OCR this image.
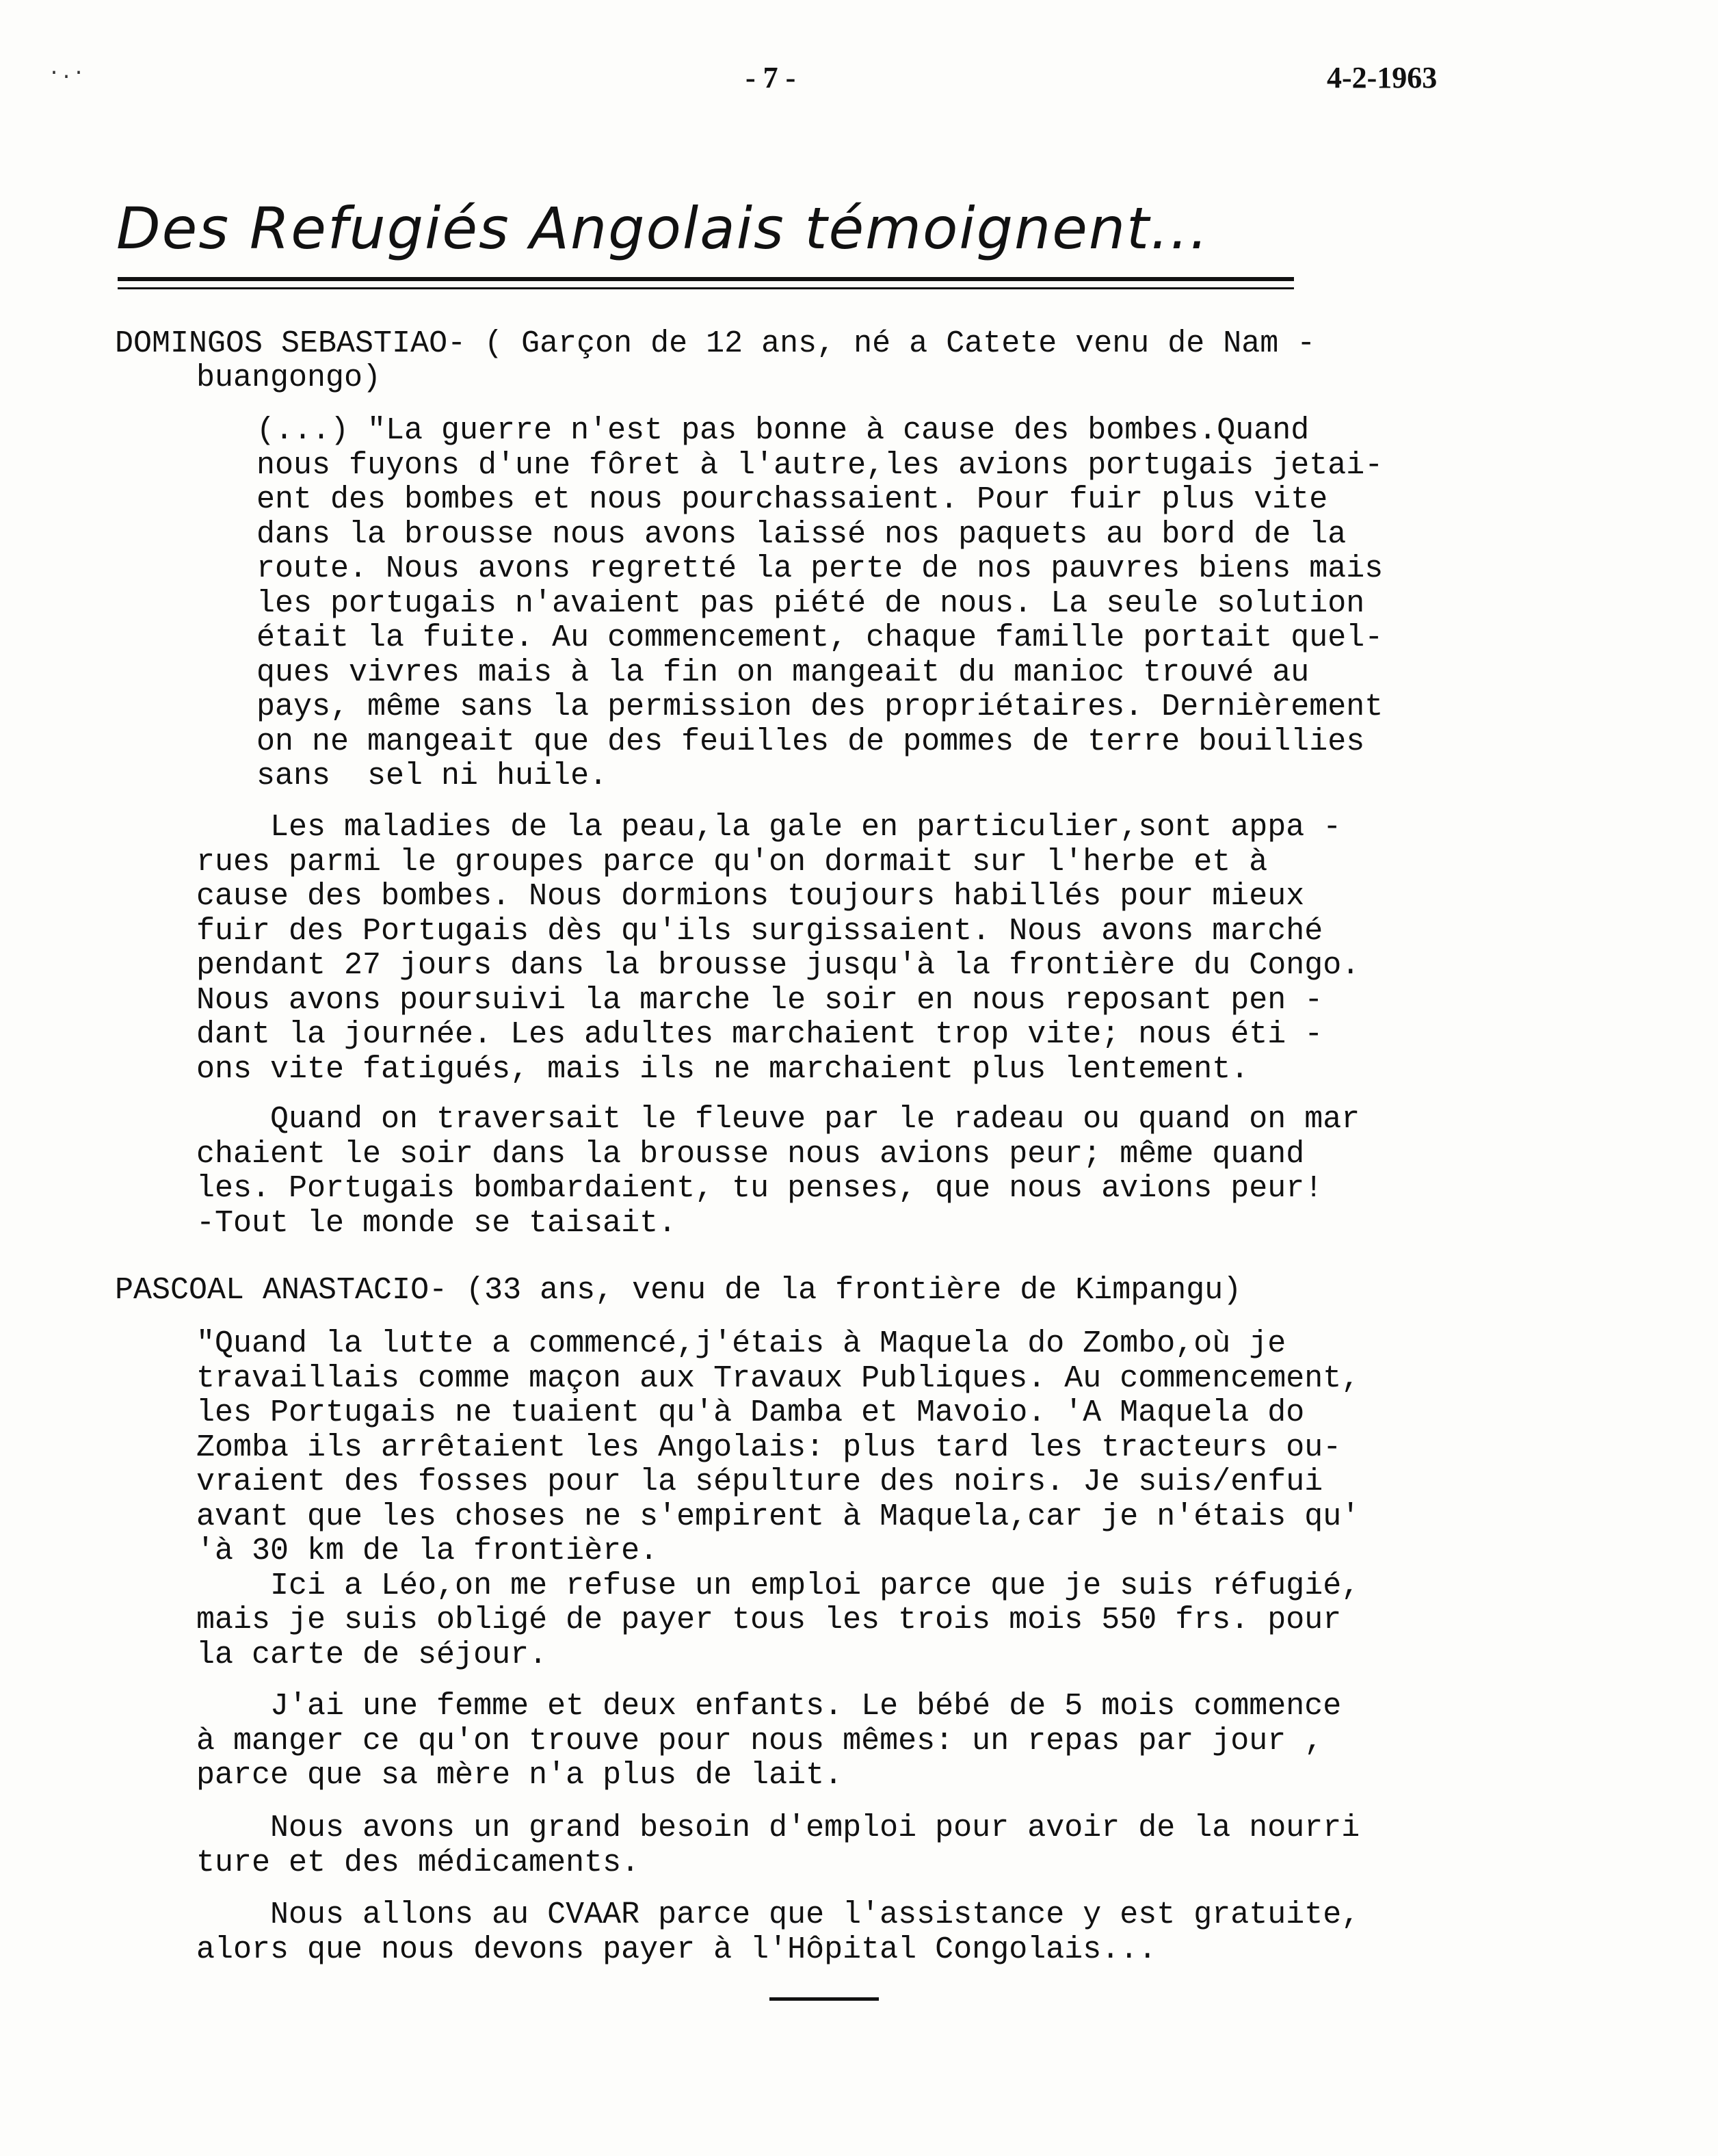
·.·	- 7 -	4-2-1963
Des Refugiés Angolais témoignent...
DOMINGOS SEBASTIAO- ( Garçon de 12 ans, né a Catete venu de Nam -
buangongo)
(...) "La guerre n'est pas bonne à cause des bombes.Quand
nous fuyons d'une fôret à l'autre,les avions portugais jetai-
ent des bombes et nous pourchassaient. Pour fuir plus vite
dans la brousse nous avons laissé nos paquets au bord de la
route. Nous avons regretté la perte de nos pauvres biens mais
les portugais n'avaient pas piété de nous. La seule solution
était la fuite. Au commencement, chaque famille portait quel-
ques vivres mais à la fin on mangeait du manioc trouvé au
pays, même sans la permission des propriétaires. Dernièrement
on ne mangeait que des feuilles de pommes de terre bouillies
sans  sel ni huile.
Les maladies de la peau,la gale en particulier,sont appa -
rues parmi le groupes parce qu'on dormait sur l'herbe et à
cause des bombes. Nous dormions toujours habillés pour mieux
fuir des Portugais dès qu'ils surgissaient. Nous avons marché
pendant 27 jours dans la brousse jusqu'à la frontière du Congo.
Nous avons poursuivi la marche le soir en nous reposant pen -
dant la journée. Les adultes marchaient trop vite; nous éti -
ons vite fatigués, mais ils ne marchaient plus lentement.
Quand on traversait le fleuve par le radeau ou quand on mar
chaient le soir dans la brousse nous avions peur; même quand
les. Portugais bombardaient, tu penses, que nous avions peur!
-Tout le monde se taisait.
PASCOAL ANASTACIO- (33 ans, venu de la frontière de Kimpangu)
"Quand la lutte a commencé,j'étais à Maquela do Zombo,où je
travaillais comme maçon aux Travaux Publiques. Au commencement,
les Portugais ne tuaient qu'à Damba et Mavoio. 'A Maquela do
Zomba ils arrêtaient les Angolais: plus tard les tracteurs ou-
vraient des fosses pour la sépulture des noirs. Je suis/enfui
avant que les choses ne s'empirent à Maquela,car je n'étais qu'
'à 30 km de la frontière.
Ici a Léo,on me refuse un emploi parce que je suis réfugié,
mais je suis obligé de payer tous les trois mois 550 frs. pour
la carte de séjour.
J'ai une femme et deux enfants. Le bébé de 5 mois commence
à manger ce qu'on trouve pour nous mêmes: un repas par jour ,
parce que sa mère n'a plus de lait.
Nous avons un grand besoin d'emploi pour avoir de la nourri
ture et des médicaments.
Nous allons au CVAAR parce que l'assistance y est gratuite,
alors que nous devons payer à l'Hôpital Congolais...
